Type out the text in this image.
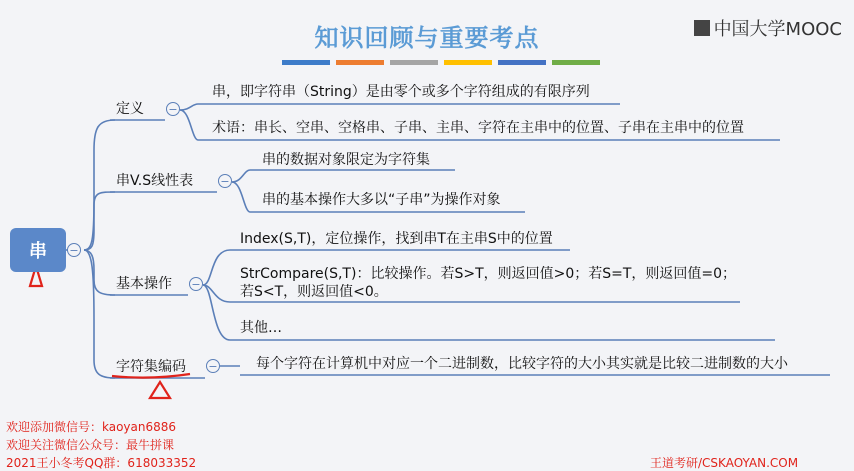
知识回顾与重要考点	中国大学MOOC
串	−
定义 −
串V.S线性表 −
基本操作 −
字符集编码 −
串，即字符串（String）是由零个或多个字符组成的有限序列
术语：串长、空串、空格串、子串、主串、字符在主串中的位置、子串在主串中的位置
串的数据对象限定为字符集
串的基本操作大多以“子串”为操作对象
Index(S,T)，定位操作，找到串T在主串S中的位置
StrCompare(S,T)：比较操作。若S>T，则返回值>0；若S=T，则返回值=0；
若S<T，则返回值<0。
其他…
每个字符在计算机中对应一个二进制数，比较字符的大小其实就是比较二进制数的大小
欢迎添加微信号：kaoyan6886
欢迎关注微信公众号：最牛拼课
2021王小冬考QQ群：618033352	王道考研/CSKAOYAN.COM
